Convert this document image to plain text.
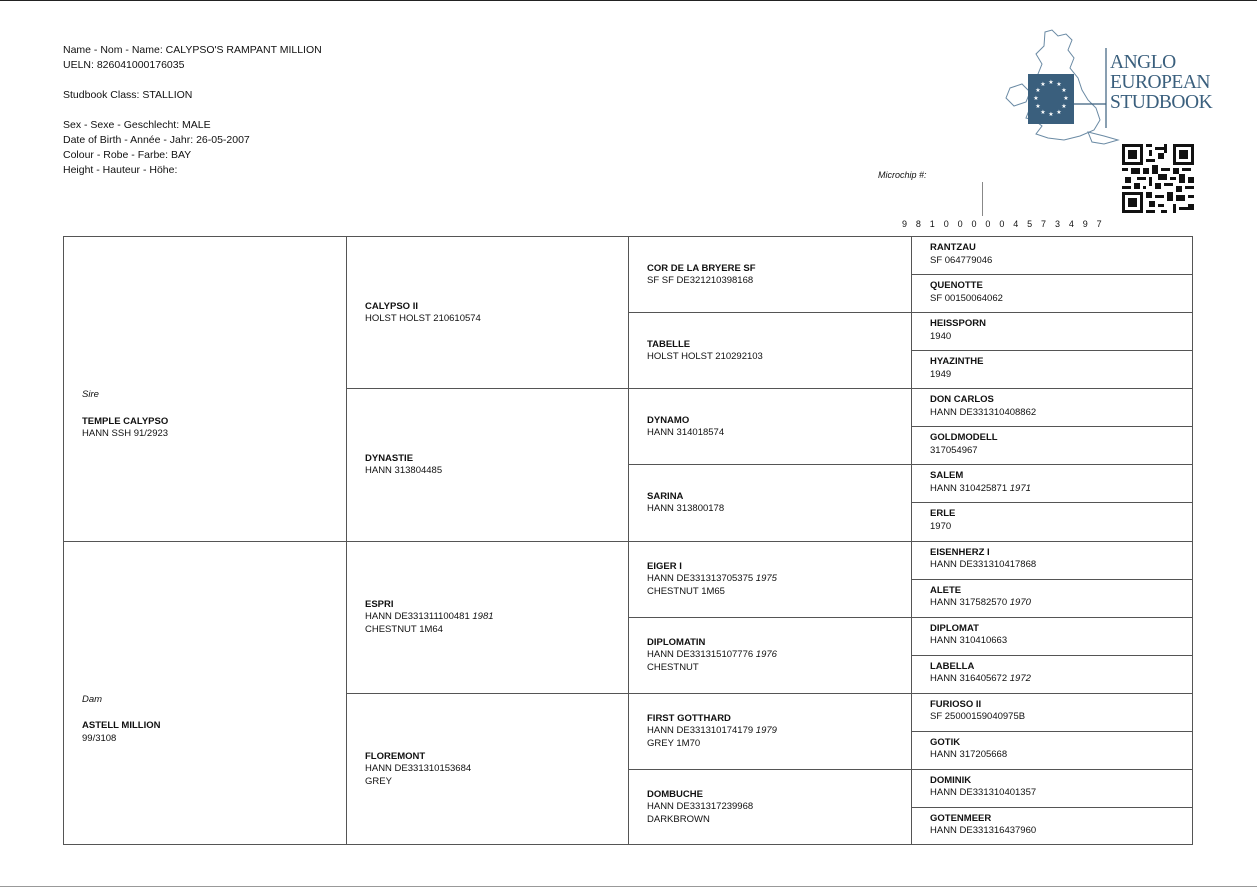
Name - Nom - Name: CALYPSO'S RAMPANT MILLION
UELN: 826041000176035
Studbook Class: STALLION
Sex - Sexe - Geschlecht: MALE
Date of Birth - Année - Jahr: 26-05-2007
Colour - Robe - Farbe: BAY
Height - Hauteur - Höhe:
★ ★
★
★
★
★
★
★
★
★
★
★
ANGLO
EUROPEAN
STUDBOOK
Microchip #:
9 8 1 0 0 0 0 0 4 5 7 3 4 9 7
Sire
TEMPLE CALYPSO
HANN SSH 91/2923
Dam
ASTELL MILLION
99/3108
CALYPSO II
HOLST HOLST 210610574
DYNASTIE
HANN 313804485
ESPRI
HANN DE331311100481 1981
CHESTNUT 1M64
FLOREMONT
HANN DE331310153684
GREY
COR DE LA BRYERE SF
SF SF DE321210398168
TABELLE
HOLST HOLST 210292103
DYNAMO
HANN 314018574
SARINA
HANN 313800178
EIGER I
HANN DE331313705375 1975
CHESTNUT 1M65
DIPLOMATIN
HANN DE331315107776 1976
CHESTNUT
FIRST GOTTHARD
HANN DE331310174179 1979
GREY 1M70
DOMBUCHE
HANN DE331317239968
DARKBROWN
RANTZAU
SF 064779046
QUENOTTE
SF 00150064062
HEISSPORN
1940
HYAZINTHE
1949
DON CARLOS
HANN DE331310408862
GOLDMODELL
317054967
SALEM
HANN 310425871 1971
ERLE
1970
EISENHERZ I
HANN DE331310417868
ALETE
HANN 317582570 1970
DIPLOMAT
HANN 310410663
LABELLA
HANN 316405672 1972
FURIOSO II
SF 25000159040975B
GOTIK
HANN 317205668
DOMINIK
HANN DE331310401357
GOTENMEER
HANN DE331316437960
